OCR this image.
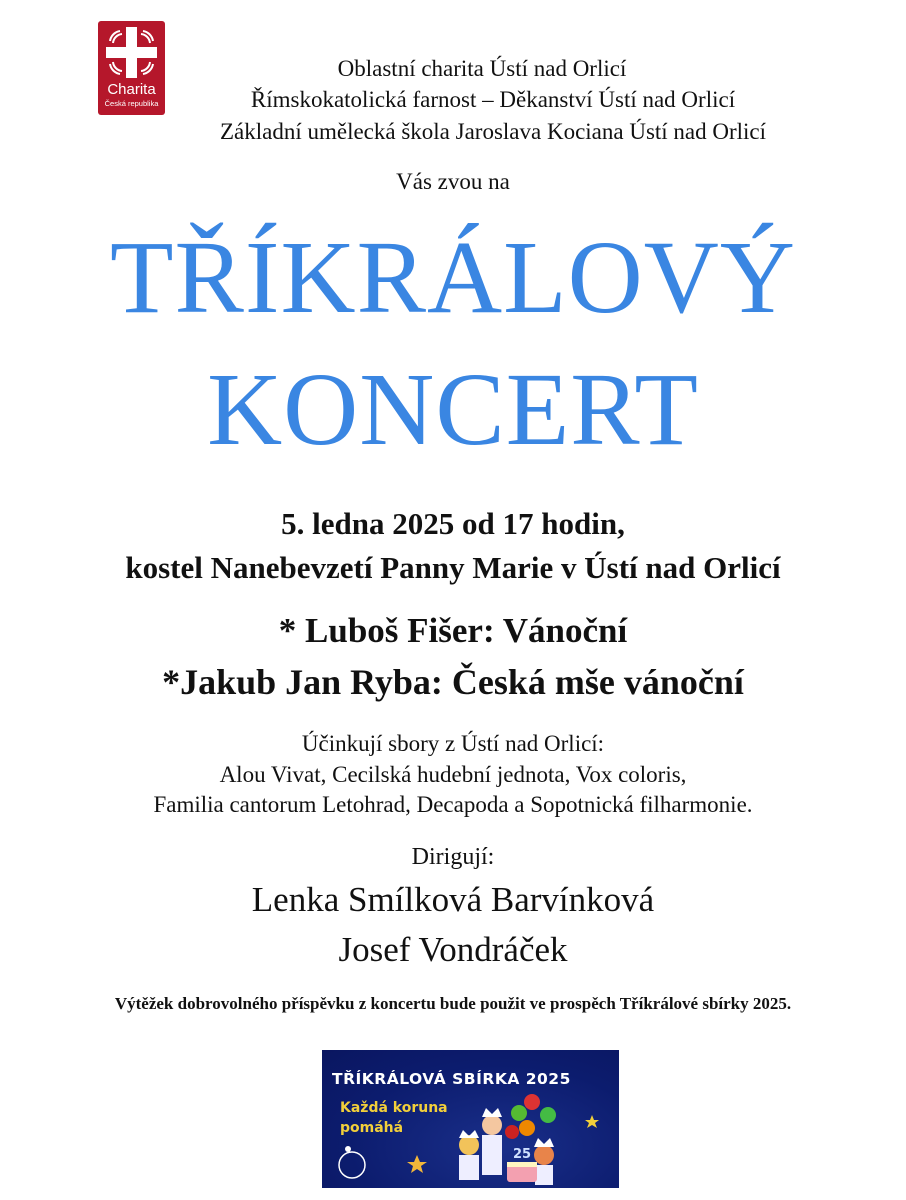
Charita
Česká republika
Oblastní charita Ústí nad Orlicí
Římskokatolická farnost – Děkanství Ústí nad Orlicí
Základní umělecká škola Jaroslava Kociana Ústí nad Orlicí
Vás zvou na
TŘÍKRÁLOVÝ
KONCERT
5. ledna 2025 od 17 hodin,
kostel Nanebevzetí Panny Marie v Ústí nad Orlicí
* Luboš Fišer: Vánoční
*Jakub Jan Ryba: Česká mše vánoční
Účinkují sbory z Ústí nad Orlicí:
Alou Vivat, Cecilská hudební jednota, Vox coloris,
Familia cantorum Letohrad, Decapoda a Sopotnická filharmonie.
Dirigují:
Lenka Smílková Barvínková
Josef Vondráček
Výtěžek dobrovolného příspěvku z koncertu bude použit ve prospěch Tříkrálové sbírky 2025.
TŘÍKRÁLOVÁ SBÍRKA 2025
Každá koruna
pomáhá
25
